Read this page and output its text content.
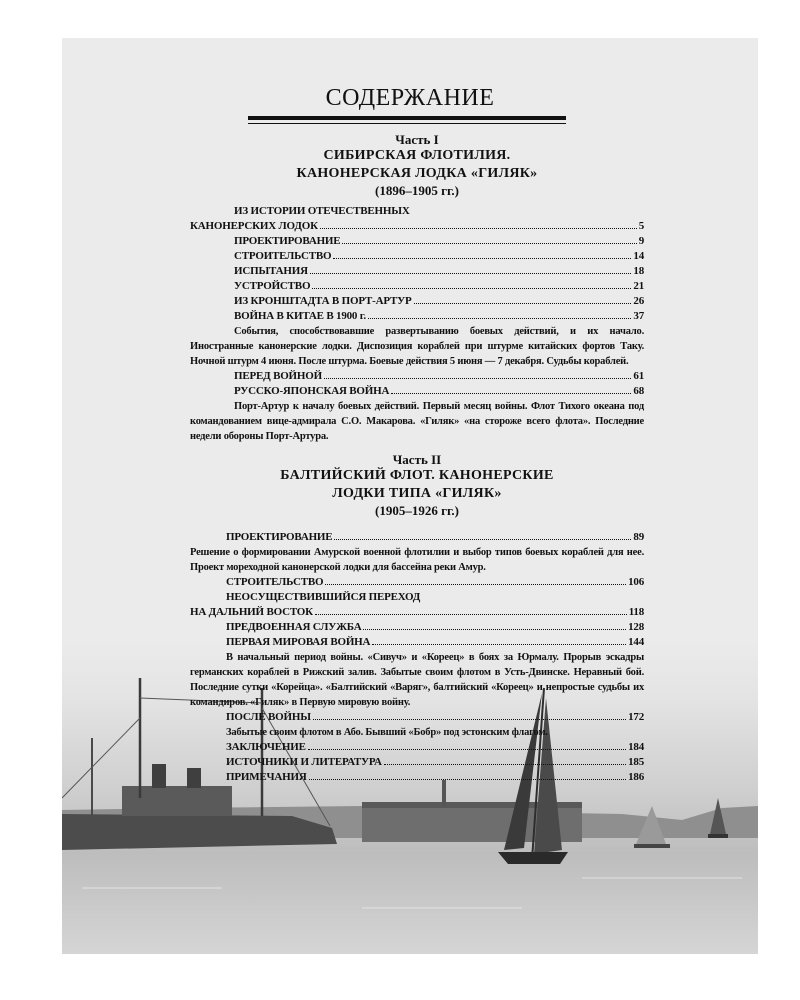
СОДЕРЖАНИЕ
Часть I
СИБИРСКАЯ ФЛОТИЛИЯ.
КАНОНЕРСКАЯ ЛОДКА «ГИЛЯК»
(1896–1905 гг.)
ИЗ ИСТОРИИ ОТЕЧЕСТВЕННЫХ
КАНОНЕРСКИХ ЛОДОК	5
ПРОЕКТИРОВАНИЕ	9
СТРОИТЕЛЬСТВО	14
ИСПЫТАНИЯ	18
УСТРОЙСТВО	21
ИЗ КРОНШТАДТА В ПОРТ-АРТУР	26
ВОЙНА В КИТАЕ В 1900 г.	37
События, способствовавшие развертыванию боевых действий, и их начало. Иностранные канонерские лодки. Диспозиция кораблей при штурме китайских фортов Таку. Ночной штурм 4 июня. После штурма. Боевые действия 5 июня — 7 декабря. Судьбы кораблей.
ПЕРЕД ВОЙНОЙ	61
РУССКО-ЯПОНСКАЯ ВОЙНА	68
Порт-Артур к началу боевых действий. Первый месяц войны. Флот Тихого океана под командованием вице-адмирала С.О. Макарова. «Гиляк» «на стороже всего флота». Последние недели обороны Порт-Артура.
Часть II
БАЛТИЙСКИЙ ФЛОТ. КАНОНЕРСКИЕ
ЛОДКИ ТИПА «ГИЛЯК»
(1905–1926 гг.)
ПРОЕКТИРОВАНИЕ	89
Решение о формировании Амурской военной флотилии и выбор типов боевых кораблей для нее. Проект мореходной канонерской лодки для бассейна реки Амур.
СТРОИТЕЛЬСТВО	106
НЕОСУЩЕСТВИВШИЙСЯ ПЕРЕХОД
НА ДАЛЬНИЙ ВОСТОК	118
ПРЕДВОЕННАЯ СЛУЖБА	128
ПЕРВАЯ МИРОВАЯ ВОЙНА	144
В начальный период войны. «Сивуч» и «Кореец» в боях за Юрмалу. Прорыв эскадры германских кораблей в Рижский залив. Забытые своим флотом в Усть-Двинске. Неравный бой. Последние сутки «Корейца». «Балтийский «Варяг», балтийский «Кореец» и непростые судьбы их командиров. «Гиляк» в Первую мировую войну.
ПОСЛЕ ВОЙНЫ	172
Забытые своим флотом в Або. Бывший «Бобр» под эстонским флагом.
ЗАКЛЮЧЕНИЕ	184
ИСТОЧНИКИ И ЛИТЕРАТУРА	185
ПРИМЕЧАНИЯ	186
